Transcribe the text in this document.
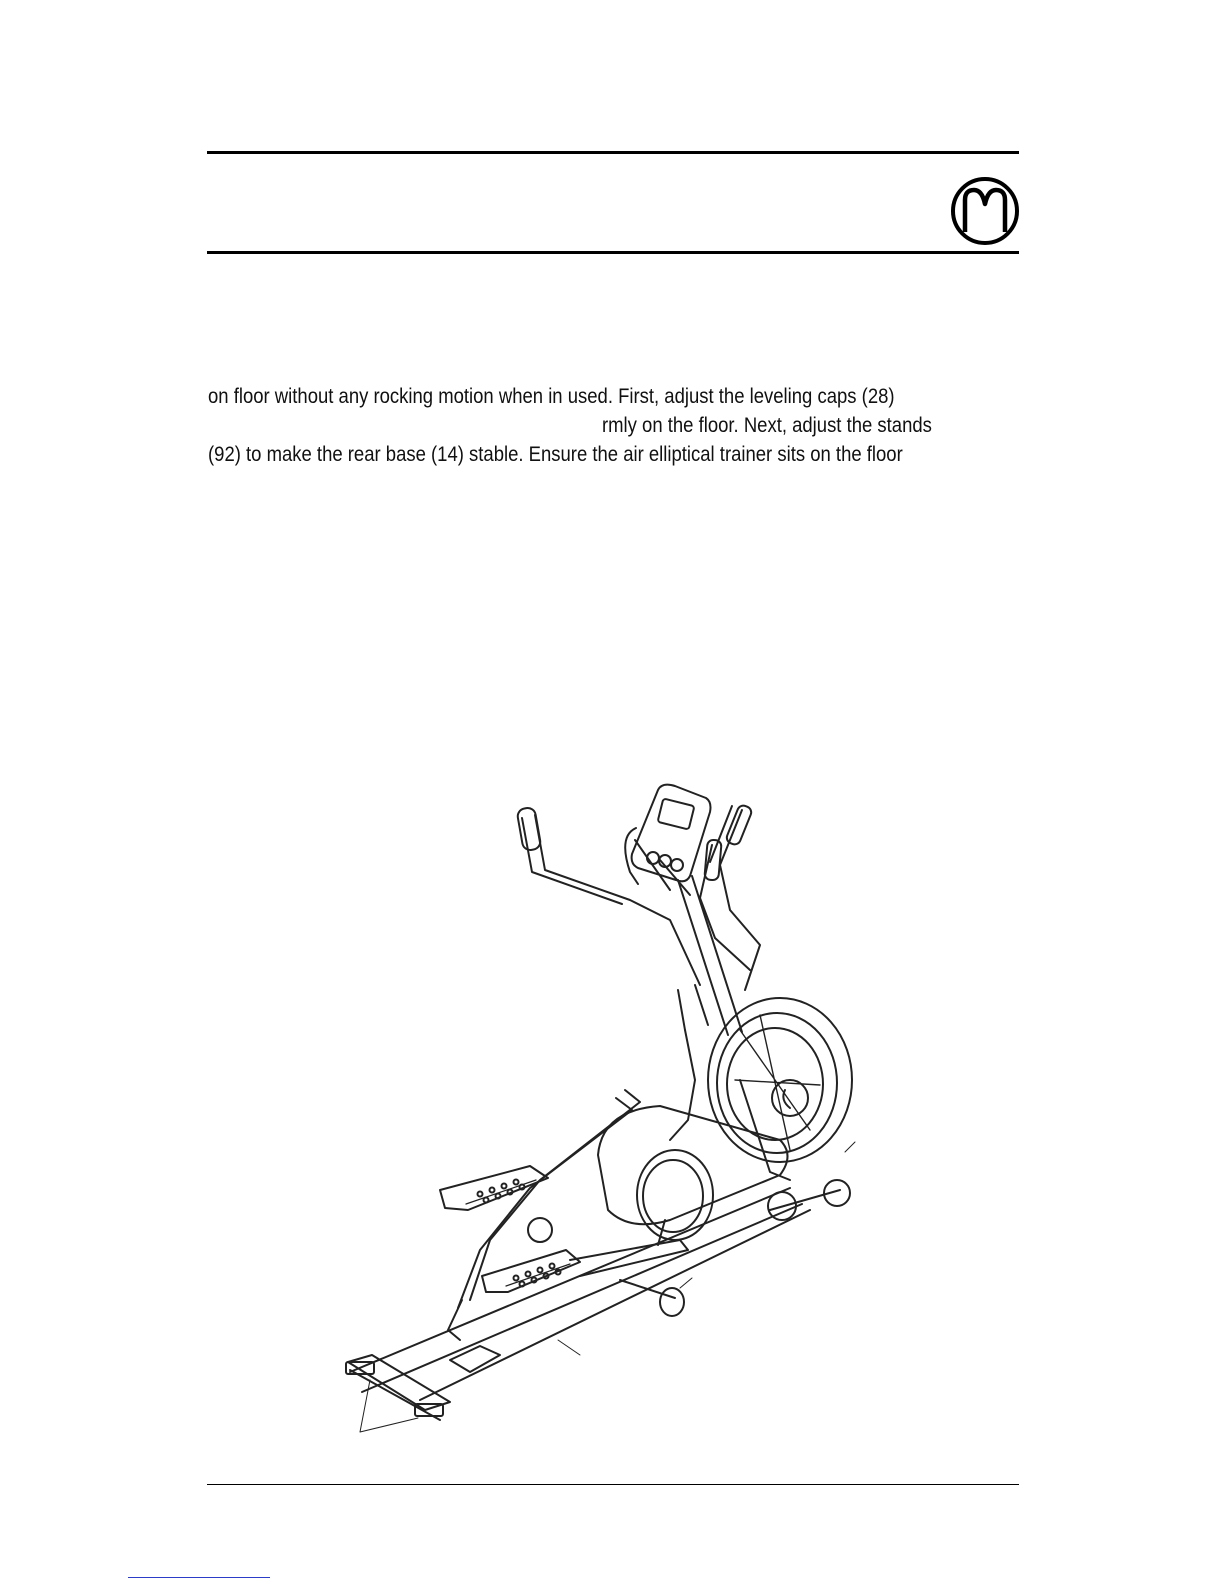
on floor without any rocking motion when in used. First, adjust the leveling caps (28)
rmly on the floor. Next, adjust the stands
(92) to make the rear base (14) stable. Ensure the air elliptical trainer sits on the floor
